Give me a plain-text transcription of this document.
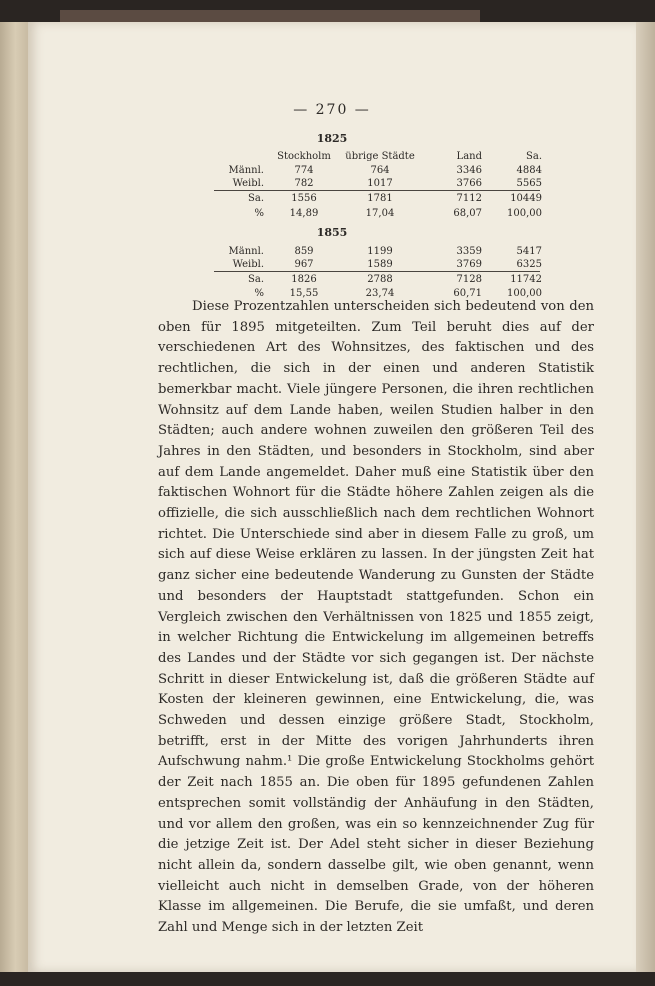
— 270 —
1825
Stockholm	übrige Städte	Land	Sa.
Männl.	774	764	3346	4884
Weibl.	782	1017	3766	5565
Sa.	1556	1781	7112	10449
%	14,89	17,04	68,07	100,00
1855
Männl.	859	1199	3359	5417
Weibl.	967	1589	3769	6325
Sa.	1826	2788	7128	11742
%	15,55	23,74	60,71	100,00

Diese Prozentzahlen unterscheiden sich bedeutend von den oben für 1895 mitgeteilten. Zum Teil beruht dies auf der verschiedenen Art des Wohnsitzes, des faktischen und des rechtlichen, die sich in der einen und anderen Statistik bemerkbar macht. Viele jüngere Personen, die ihren rechtlichen Wohnsitz auf dem Lande haben, weilen Studien halber in den Städten; auch andere wohnen zuweilen den größeren Teil des Jahres in den Städten, und besonders in Stockholm, sind aber auf dem Lande angemeldet. Daher muß eine Statistik über den faktischen Wohnort für die Städte höhere Zahlen zeigen als die offizielle, die sich ausschließlich nach dem rechtlichen Wohnort richtet. Die Unterschiede sind aber in diesem Falle zu groß, um sich auf diese Weise erklären zu lassen. In der jüngsten Zeit hat ganz sicher eine bedeutende Wanderung zu Gunsten der Städte und besonders der Hauptstadt stattgefunden. Schon ein Vergleich zwischen den Verhältnissen von 1825 und 1855 zeigt, in welcher Richtung die Entwickelung im allgemeinen betreffs des Landes und der Städte vor sich gegangen ist. Der nächste Schritt in dieser Entwickelung ist, daß die größeren Städte auf Kosten der kleineren gewinnen, eine Entwickelung, die, was Schweden und dessen einzige größere Stadt, Stockholm, betrifft, erst in der Mitte des vorigen Jahrhunderts ihren Aufschwung nahm.¹ Die große Entwickelung Stockholms gehört der Zeit nach 1855 an. Die oben für 1895 gefundenen Zahlen entsprechen somit vollständig der Anhäufung in den Städten, und vor allem den großen, was ein so kennzeichnender Zug für die jetzige Zeit ist. Der Adel steht sicher in dieser Beziehung nicht allein da, sondern dasselbe gilt, wie oben genannt, wenn vielleicht auch nicht in demselben Grade, von der höheren Klasse im allgemeinen. Die Berufe, die sie umfaßt, und deren Zahl und Menge sich in der letzten Zeit
